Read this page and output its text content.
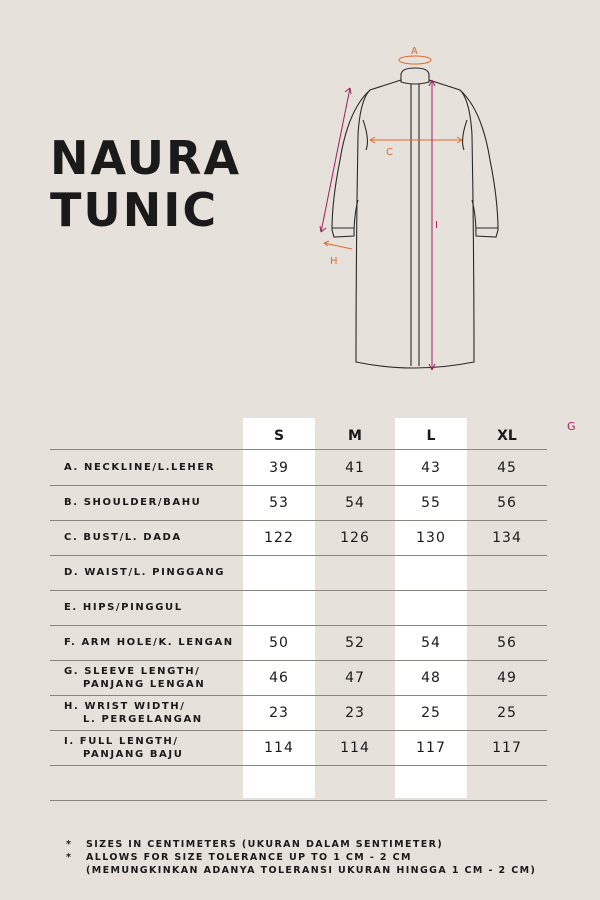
NAURA
TUNIC
A
C
H
I
G
S	M	L	XL
A. NECKLINE/L.LEHER	39	41	43	45
B. SHOULDER/BAHU	53	54	55	56
C. BUST/L. DADA	122	126	130	134
D. WAIST/L. PINGGANG
E. HIPS/PINGGUL
F. ARM HOLE/K. LENGAN	50	52	54	56
G. SLEEVE LENGTH/
PANJANG LENGAN	46	47	48	49
H. WRIST WIDTH/
L. PERGELANGAN	23	23	25	25
I. FULL LENGTH/
PANJANG BAJU	114	114	117	117
*	SIZES IN CENTIMETERS (UKURAN DALAM SENTIMETER)
*	ALLOWS FOR SIZE TOLERANCE UP TO 1 CM - 2 CM
(MEMUNGKINKAN ADANYA TOLERANSI UKURAN HINGGA 1 CM - 2 CM)
